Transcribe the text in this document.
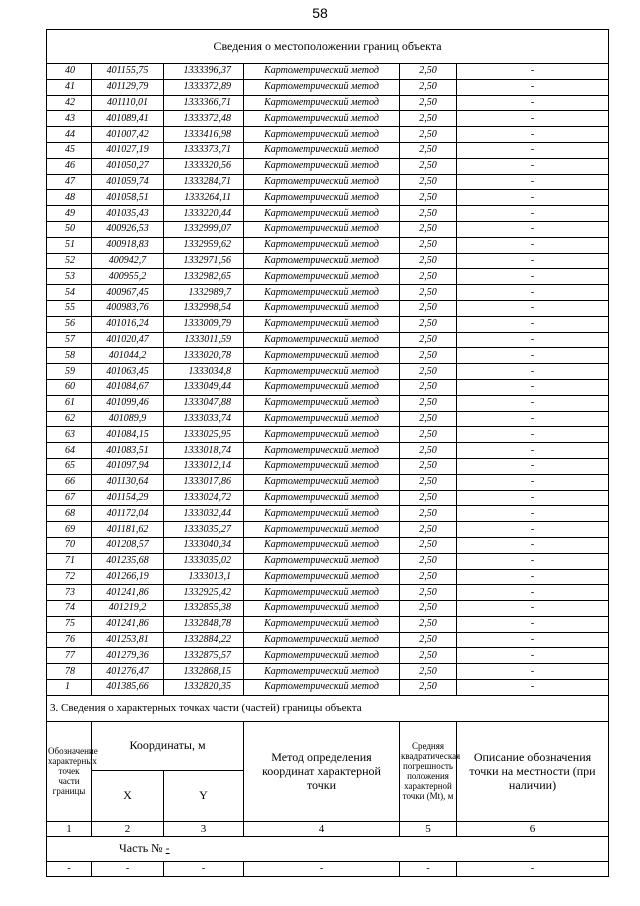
58
Сведения о местоположении границ объекта					
40	401155,75	1333396,37	Картометрический метод	2,50	-
41	401129,79	1333372,89	Картометрический метод	2,50	-
42	401110,01	1333366,71	Картометрический метод	2,50	-
43	401089,41	1333372,48	Картометрический метод	2,50	-
44	401007,42	1333416,98	Картометрический метод	2,50	-
45	401027,19	1333373,71	Картометрический метод	2,50	-
46	401050,27	1333320,56	Картометрический метод	2,50	-
47	401059,74	1333284,71	Картометрический метод	2,50	-
48	401058,51	1333264,11	Картометрический метод	2,50	-
49	401035,43	1333220,44	Картометрический метод	2,50	-
50	400926,53	1332999,07	Картометрический метод	2,50	-
51	400918,83	1332959,62	Картометрический метод	2,50	-
52	400942,7	1332971,56	Картометрический метод	2,50	-
53	400955,2	1332982,65	Картометрический метод	2,50	-
54	400967,45	1332989,7	Картометрический метод	2,50	-
55	400983,76	1332998,54	Картометрический метод	2,50	-
56	401016,24	1333009,79	Картометрический метод	2,50	-
57	401020,47	1333011,59	Картометрический метод	2,50	-
58	401044,2	1333020,78	Картометрический метод	2,50	-
59	401063,45	1333034,8	Картометрический метод	2,50	-
60	401084,67	1333049,44	Картометрический метод	2,50	-
61	401099,46	1333047,88	Картометрический метод	2,50	-
62	401089,9	1333033,74	Картометрический метод	2,50	-
63	401084,15	1333025,95	Картометрический метод	2,50	-
64	401083,51	1333018,74	Картометрический метод	2,50	-
65	401097,94	1333012,14	Картометрический метод	2,50	-
66	401130,64	1333017,86	Картометрический метод	2,50	-
67	401154,29	1333024,72	Картометрический метод	2,50	-
68	401172,04	1333032,44	Картометрический метод	2,50	-
69	401181,62	1333035,27	Картометрический метод	2,50	-
70	401208,57	1333040,34	Картометрический метод	2,50	-
71	401235,68	1333035,02	Картометрический метод	2,50	-
72	401266,19	1333013,1	Картометрический метод	2,50	-
73	401241,86	1332925,42	Картометрический метод	2,50	-
74	401219,2	1332855,38	Картометрический метод	2,50	-
75	401241,86	1332848,78	Картометрический метод	2,50	-
76	401253,81	1332884,22	Картометрический метод	2,50	-
77	401279,36	1332875,57	Картометрический метод	2,50	-
78	401276,47	1332868,15	Картометрический метод	2,50	-
1	401385,66	1332820,35	Картометрический метод	2,50	-
3. Сведения о характерных точках части (частей) границы объекта					
Обозначение характерных точек части границы	Координаты, м		Метод определения координат характерной точки	Средняя квадратическая погрешность положения характерной точки (Mt), м	Описание обозначения точки на местности (при наличии)
	X	Y			
1	2	3	4	5	6
Часть № -					
-	-	-	-	-	-
